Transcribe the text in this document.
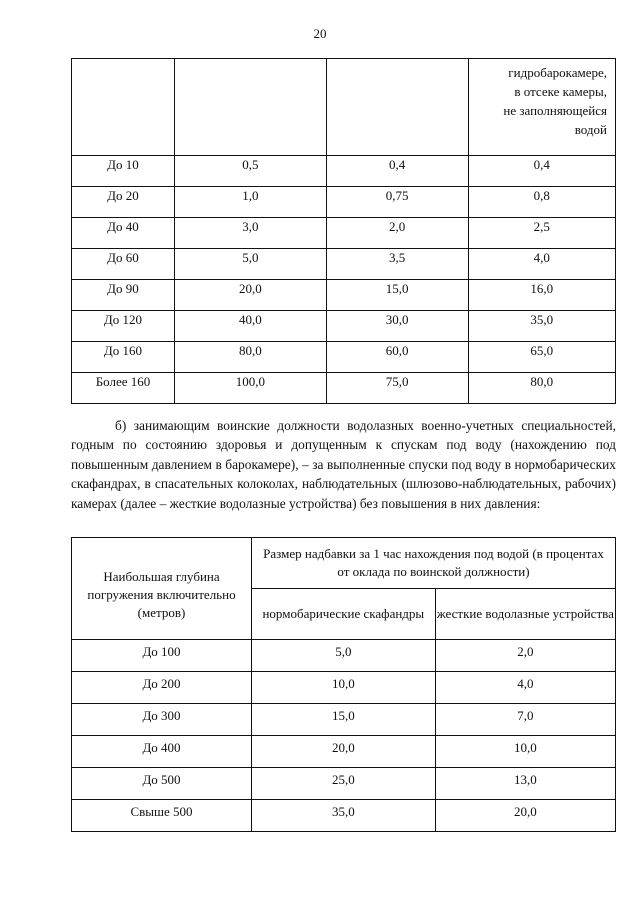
20

			гидробарокамере,
в отсеке камеры,
не заполняющейся
водой

До 10	0,5	0,4	0,4
До 20	1,0	0,75	0,8
До 40	3,0	2,0	2,5
До 60	5,0	3,5	4,0
До 90	20,0	15,0	16,0
До 120	40,0	30,0	35,0
До 160	80,0	60,0	65,0
Более 160	100,0	75,0	80,0
б) занимающим воинские должности водолазных военно-учетных специальностей, годным по состоянию здоровья и допущенным к спускам под воду (нахождению под повышенным давлением в барокамере), – за выполненные спуски под воду в нормобарических скафандрах, в спасательных колоколах, наблюдательных (шлюзово-наблюдательных, рабочих) камерах (далее – жесткие водолазные устройства) без повышения в них давления:
Наибольшая глубина погружения включительно (метров)	Размер надбавки за 1 час нахождения под водой (в процентах от оклада по воинской должности)	
	нормобарические скафандры	жесткие водолазные устройства
До 100	5,0	2,0
До 200	10,0	4,0
До 300	15,0	7,0
До 400	20,0	10,0
До 500	25,0	13,0
Свыше 500	35,0	20,0
